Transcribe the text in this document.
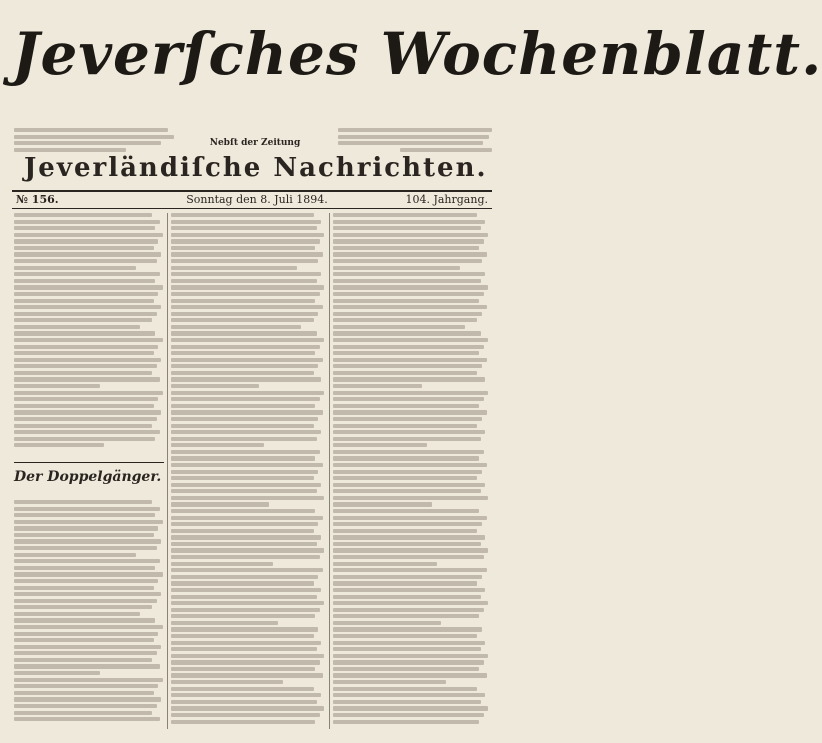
Jeverſches Wochenblatt.
Nebſt der Zeitung
Jeverländiſche Nachrichten.
№ 156.	Sonntag den 8. Juli 1894.	104. Jahrgang.
Der Doppelgänger.
